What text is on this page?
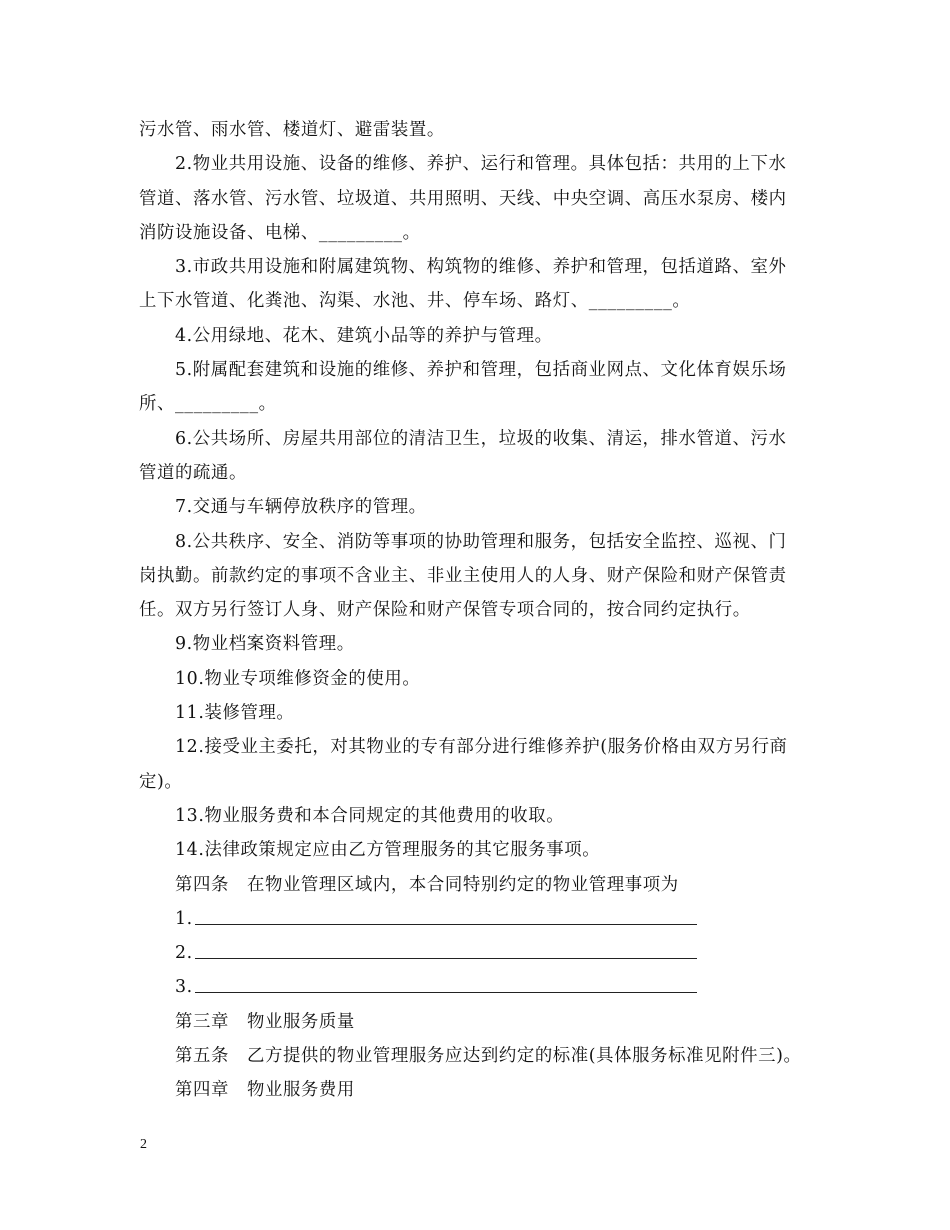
污水管、雨水管、楼道灯、避雷装置。
2.物业共用设施、设备的维修、养护、运行和管理。具体包括：共用的上下水
管道、落水管、污水管、垃圾道、共用照明、天线、中央空调、高压水泵房、楼内
消防设施设备、电梯、_________。
3.市政共用设施和附属建筑物、构筑物的维修、养护和管理，包括道路、室外
上下水管道、化粪池、沟渠、水池、井、停车场、路灯、_________。
4.公用绿地、花木、建筑小品等的养护与管理。
5.附属配套建筑和设施的维修、养护和管理，包括商业网点、文化体育娱乐场
所、_________。
6.公共场所、房屋共用部位的清洁卫生，垃圾的收集、清运，排水管道、污水
管道的疏通。
7.交通与车辆停放秩序的管理。
8.公共秩序、安全、消防等事项的协助管理和服务，包括安全监控、巡视、门
岗执勤。前款约定的事项不含业主、非业主使用人的人身、财产保险和财产保管责
任。双方另行签订人身、财产保险和财产保管专项合同的，按合同约定执行。
9.物业档案资料管理。
10.物业专项维修资金的使用。
11.装修管理。
12.接受业主委托，对其物业的专有部分进行维修养护(服务价格由双方另行商
定)。
13.物业服务费和本合同规定的其他费用的收取。
14.法律政策规定应由乙方管理服务的其它服务事项。
第四条　在物业管理区域内，本合同特别约定的物业管理事项为
1.
2.
3.
第三章　物业服务质量
第五条　乙方提供的物业管理服务应达到约定的标准(具体服务标准见附件三)。
第四章　物业服务费用
2
